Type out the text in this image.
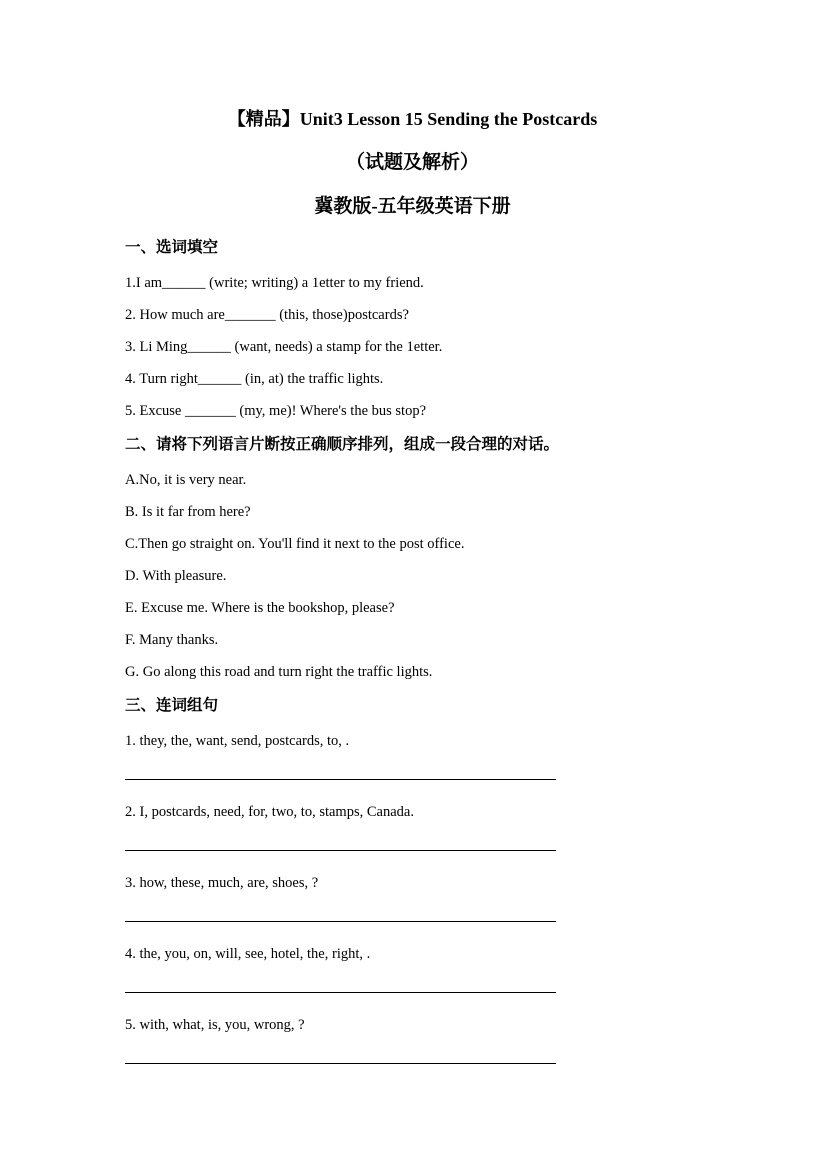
【精品】Unit3 Lesson 15 Sending the Postcards
（试题及解析）
冀教版-五年级英语下册
一、选词填空

1.I am______ (write; writing) a 1etter to my friend.

2. How much are_______ (this, those)postcards?

3. Li Ming______ (want, needs) a stamp for the 1etter.

4. Turn right______ (in, at) the traffic lights.

5. Excuse _______ (my, me)! Where's the bus stop?

二、请将下列语言片断按正确顺序排列，组成一段合理的对话。

A.No, it is very near.

B. Is it far from here?

C.Then go straight on. You'll find it next to the post office.

D. With pleasure.

E. Excuse me. Where is the bookshop, please?

F. Many thanks.

G. Go along this road and turn right the traffic lights.

三、连词组句

1. they, the, want, send, postcards, to, .

2. I, postcards, need, for, two, to, stamps, Canada.

3. how, these, much, are, shoes, ?

4. the, you, on, will, see, hotel, the, right, .

5. with, what, is, you, wrong, ?
